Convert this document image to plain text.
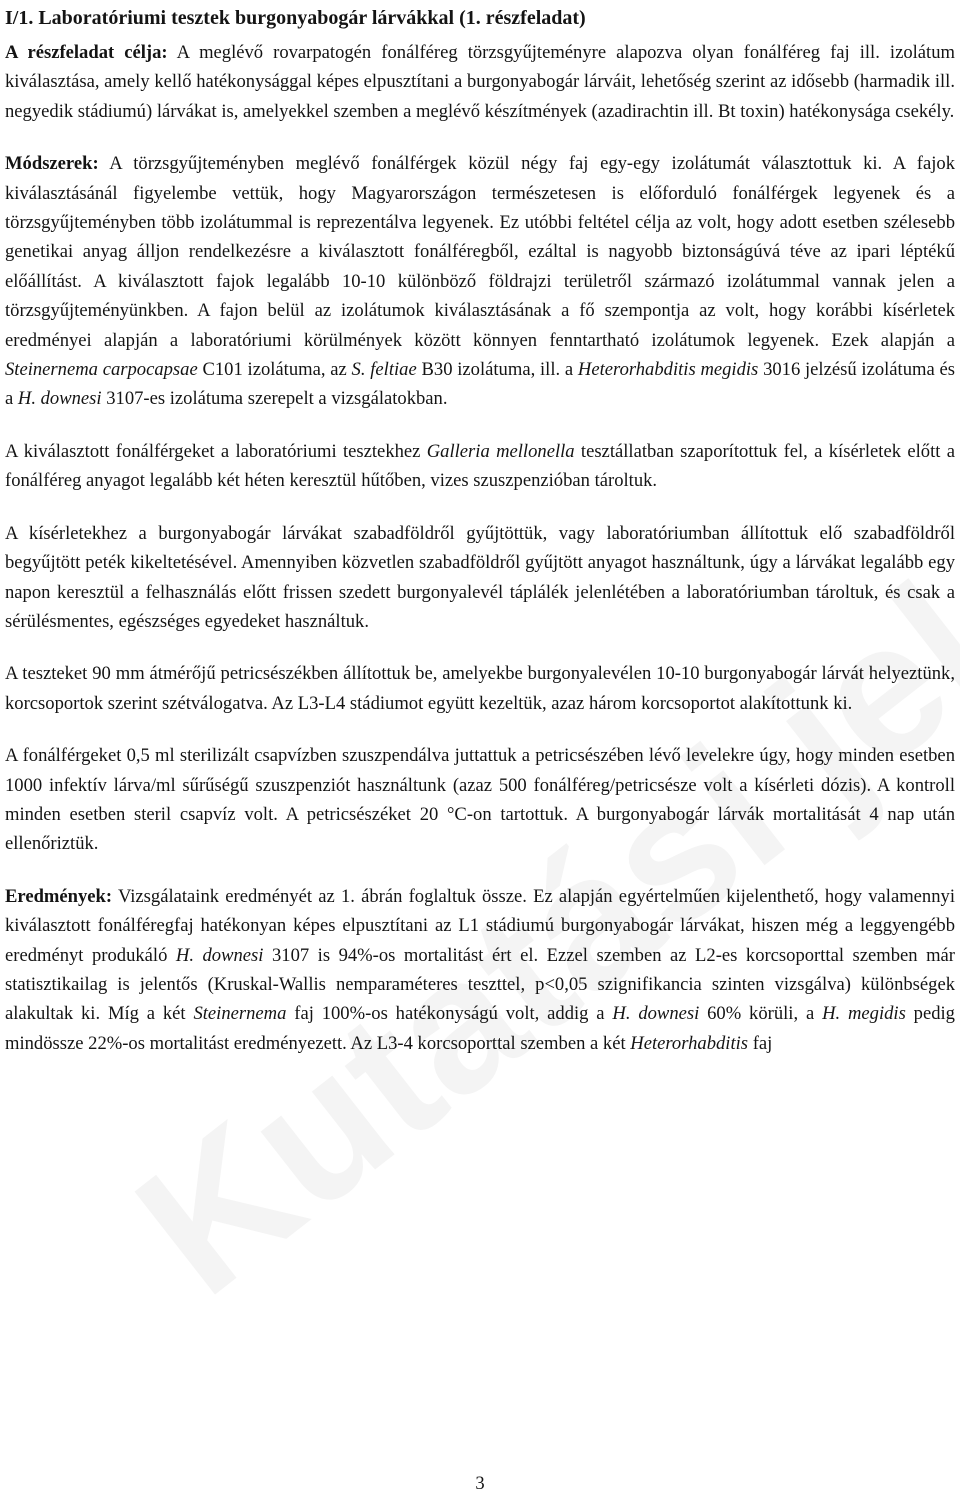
I/1. Laboratóriumi tesztek burgonyabogár lárvákkal (1. részfeladat)

A részfeladat célja: A meglévő rovarpatogén fonálféreg törzsgyűjteményre alapozva olyan fonálféreg faj ill. izolátum kiválasztása, amely kellő hatékonysággal képes elpusztítani a burgonyabogár lárváit, lehetőség szerint az idősebb (harmadik ill. negyedik stádiumú) lárvákat is, amelyekkel szemben a meglévő készítmények (azadirachtin ill. Bt toxin) hatékonysága csekély.

Módszerek: A törzsgyűjteményben meglévő fonálférgek közül négy faj egy-egy izolátumát választottuk ki. A fajok kiválasztásánál figyelembe vettük, hogy Magyarországon természetesen is előforduló fonálférgek legyenek és a törzsgyűjteményben több izolátummal is reprezentálva legyenek. Ez utóbbi feltétel célja az volt, hogy adott esetben szélesebb genetikai anyag álljon rendelkezésre a kiválasztott fonálféregből, ezáltal is nagyobb biztonságúvá téve az ipari léptékű előállítást. A kiválasztott fajok legalább 10-10 különböző földrajzi területről származó izolátummal vannak jelen a törzsgyűjteményünkben. A fajon belül az izolátumok kiválasztásának a fő szempontja az volt, hogy korábbi kísérletek eredményei alapján a laboratóriumi körülmények között könnyen fenntartható izolátumok legyenek. Ezek alapján a Steinernema carpocapsae C101 izolátuma, az S. feltiae B30 izolátuma, ill. a Heterorhabditis megidis 3016 jelzésű izolátuma és a H. downesi 3107-es izolátuma szerepelt a vizsgálatokban.

A kiválasztott fonálférgeket a laboratóriumi tesztekhez Galleria mellonella tesztállatban szaporítottuk fel, a kísérletek előtt a fonálféreg anyagot legalább két héten keresztül hűtőben, vizes szuszpenzióban tároltuk.

A kísérletekhez a burgonyabogár lárvákat szabadföldről gyűjtöttük, vagy laboratóriumban állítottuk elő szabadföldről begyűjtött peték kikeltetésével. Amennyiben közvetlen szabadföldről gyűjtött anyagot használtunk, úgy a lárvákat legalább egy napon keresztül a felhasználás előtt frissen szedett burgonyalevél táplálék jelenlétében a laboratóriumban tároltuk, és csak a sérülésmentes, egészséges egyedeket használtuk.

A teszteket 90 mm átmérőjű petricsészékben állítottuk be, amelyekbe burgonyalevélen 10-10 burgonyabogár lárvát helyeztünk, korcsoportok szerint szétválogatva. Az L3-L4 stádiumot együtt kezeltük, azaz három korcsoportot alakítottunk ki.

A fonálférgeket 0,5 ml sterilizált csapvízben szuszpendálva juttattuk a petricsészében lévő levelekre úgy, hogy minden esetben 1000 infektív lárva/ml sűrűségű szuszpenziót használtunk (azaz 500 fonálféreg/petricsésze volt a kísérleti dózis). A kontroll minden esetben steril csapvíz volt. A petricsészéket 20 °C-on tartottuk. A burgonyabogár lárvák mortalitását 4 nap után ellenőriztük.

Eredmények: Vizsgálataink eredményét az 1. ábrán foglaltuk össze. Ez alapján egyértelműen kijelenthető, hogy valamennyi kiválasztott fonálféregfaj hatékonyan képes elpusztítani az L1 stádiumú burgonyabogár lárvákat, hiszen még a leggyengébb eredményt produkáló H. downesi 3107 is 94%-os mortalitást ért el. Ezzel szemben az L2-es korcsoporttal szemben már statisztikailag is jelentős (Kruskal-Wallis nemparaméteres teszttel, p<0,05 szignifikancia szinten vizsgálva) különbségek alakultak ki. Míg a két Steinernema faj 100%-os hatékonyságú volt, addig a H. downesi 60% körüli, a H. megidis pedig mindössze 22%-os mortalitást eredményezett. Az L3-4 korcsoporttal szemben a két Heterorhabditis faj

3
